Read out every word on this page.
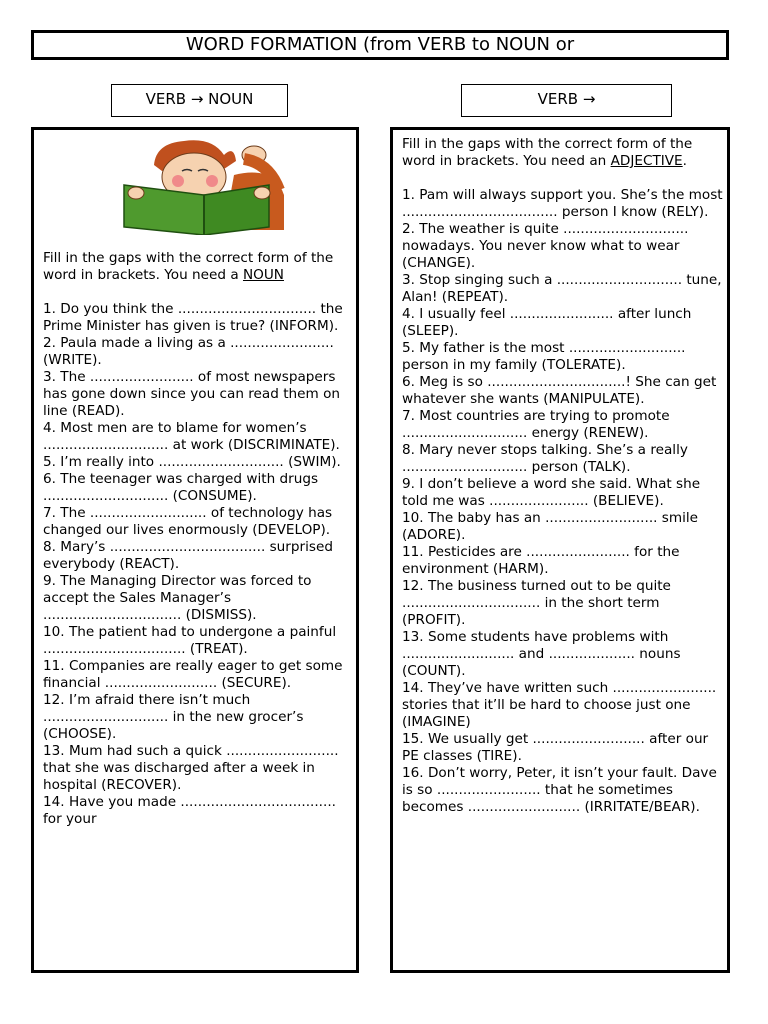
WORD FORMATION (from VERB to NOUN or
VERB → NOUN	VERB →

Fill in the gaps with the correct form of the word in brackets. You need a NOUN

1. Do you think the ................................ the Prime Minister has given is true? (INFORM).

2. Paula made a living as a ........................ (WRITE).

3. The ........................ of most newspapers has gone down since you can read them on line (READ).

4. Most men are to blame for women’s ............................. at work (DISCRIMINATE).

5. I’m really into ............................. (SWIM).

6. The teenager was charged with drugs ............................. (CONSUME).

7. The ........................... of technology has changed our lives enormously (DEVELOP).

8. Mary’s .................................... surprised everybody (REACT).

9. The Managing Director was forced to accept the Sales Manager’s ................................ (DISMISS).

10. The patient had to undergone a painful ................................. (TREAT).

11. Companies are really eager to get some financial .......................... (SECURE).

12. I’m afraid there isn’t much ............................. in the new grocer’s (CHOOSE).

13. Mum had such a quick .......................... that she was discharged after a week in hospital (RECOVER).

14. Have you made .................................... for your

Fill in the gaps with the correct form of the word in brackets. You need an ADJECTIVE.

1. Pam will always support you. She’s the most .................................... person I know (RELY).

2. The weather is quite ............................. nowadays. You never know what to wear (CHANGE).

3. Stop singing such a ............................. tune, Alan! (REPEAT).

4. I usually feel ........................ after lunch (SLEEP).

5. My father is the most ........................... person in my family (TOLERATE).

6. Meg is so ................................! She can get whatever she wants (MANIPULATE).

7. Most countries are trying to promote ............................. energy (RENEW).

8. Mary never stops talking. She’s a really ............................. person (TALK).

9. I don’t believe a word she said. What she told me was ....................... (BELIEVE).

10. The baby has an .......................... smile (ADORE).

11. Pesticides are ........................ for the environment (HARM).

12. The business turned out to be quite ................................ in the short term (PROFIT).

13. Some students have problems with .......................... and .................... nouns (COUNT).

14. They’ve have written such ........................ stories that it’ll be hard to choose just one (IMAGINE)

15. We usually get .......................... after our PE classes (TIRE).

16. Don’t worry, Peter, it isn’t your fault. Dave is so ........................ that he sometimes becomes .......................... (IRRITATE/BEAR).
